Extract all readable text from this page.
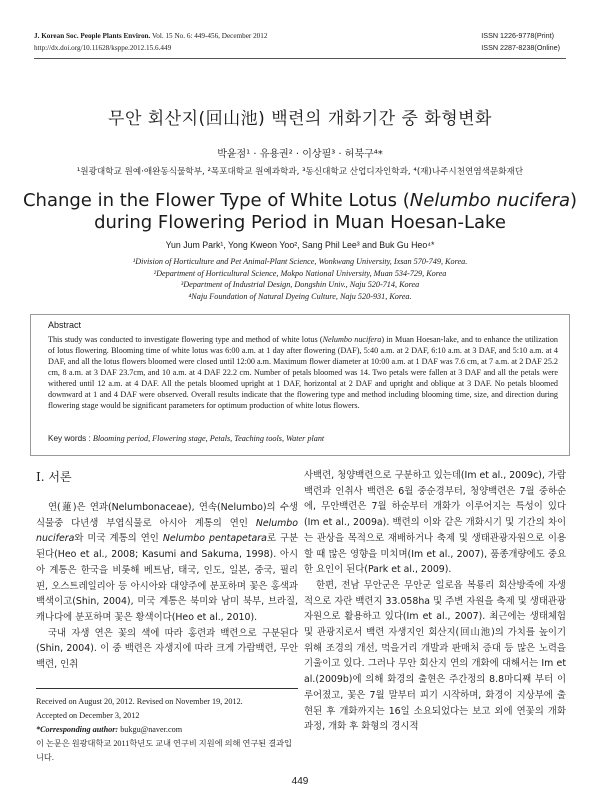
J. Korean Soc. People Plants Environ. Vol. 15 No. 6: 449-456, December 2012
http://dx.doi.org/10.11628/ksppe.2012.15.6.449
ISSN 1226-9778(Print)
ISSN 2287-8238(Online)
무안 회산지(回山池) 백련의 개화기간 중 화형변화
박윤점¹ · 유용권² · 이상필³ · 허북구⁴*
¹원광대학교 원예·애완동식물학부, ²목포대학교 원예과학과, ³동신대학교 산업디자인학과, ⁴(재)나주시천연염색문화재단
Change in the Flower Type of White Lotus (Nelumbo nucifera)
during Flowering Period in Muan Hoesan-Lake
Yun Jum Park¹, Yong Kweon Yoo², Sang Phil Lee³ and Buk Gu Heo⁴*
¹Division of Horticulture and Pet Animal-Plant Science, Wonkwang University, Ixsan 570-749, Korea.
²Department of Horticultural Science, Mokpo National University, Muan 534-729, Korea
³Department of Industrial Design, Dongshin Univ., Naju 520-714, Korea
⁴Naju Foundation of Natural Dyeing Culture, Naju 520-931, Korea.
Abstract
This study was conducted to investigate flowering type and method of white lotus (Nelumbo nucifera) in Muan Hoesan-lake, and to enhance the utilization of lotus flowering. Blooming time of white lotus was 6:00 a.m. at 1 day after flowering (DAF), 5:40 a.m. at 2 DAF, 6:10 a.m. at 3 DAF, and 5:10 a.m. at 4 DAF, and all the lotus flowers bloomed were closed until 12:00 a.m. Maximum flower diameter at 10:00 a.m. at 1 DAF was 7.6 cm, at 7 a.m. at 2 DAF 25.2 cm, 8 a.m. at 3 DAF 23.7cm, and 10 a.m. at 4 DAF 22.2 cm. Number of petals bloomed was 14. Two petals were fallen at 3 DAF and all the petals were withered until 12 a.m. at 4 DAF. All the petals bloomed upright at 1 DAF, horizontal at 2 DAF and upright and oblique at 3 DAF. No petals bloomed downward at 1 and 4 DAF were observed. Overall results indicate that the flowering type and method including blooming time, size, and direction during flowering stage would be significant parameters for optimum production of white lotus flowers.
Key words : Blooming period, Flowering stage, Petals, Teaching tools, Water plant
Ⅰ. 서론

연(蓮)은 연과(Nelumbonaceae), 연속(Nelumbo)의 수생식물중 다년생 부엽식물로 아시아 계통의 연인 Nelumbo nucifera와 미국 계통의 연인 Nelumbo pentapetara로 구분된다(Heo et al., 2008; Kasumi and Sakuma, 1998). 아시아 계통은 한국을 비롯해 베트남, 태국, 인도, 일본, 중국, 필리핀, 오스트레일리아 등 아시아와 대양주에 분포하며 꽃은 홍색과 백색이고(Shin, 2004), 미국 계통은 북미와 남미 북부, 브라질, 캐나다에 분포하며 꽃은 황색이다(Heo et al., 2010).

국내 자생 연은 꽃의 색에 따라 홍련과 백련으로 구분된다(Shin, 2004). 이 중 백련은 자생지에 따라 크게 가람백련, 무안백련, 인취

사백련, 청양백련으로 구분하고 있는데(Im et al., 2009c), 가람백련과 인취사 백련은 6월 중순경부터, 청양백련은 7월 중하순에, 무안백련은 7월 하순부터 개화가 이루어지는 특성이 있다(Im et al., 2009a). 백련의 이와 같은 개화시기 및 기간의 차이는 관상을 목적으로 재배하거나 축제 및 생태관광자원으로 이용할 때 많은 영향을 미치며(Im et al., 2007), 품종개량에도 중요한 요인이 된다(Park et al., 2009).

한편, 전남 무안군은 무안군 일로읍 복룡리 회산방죽에 자생적으로 자란 백련지 33.058ha 및 주변 자원을 축제 및 생태관광 자원으로 활용하고 있다(Im et al., 2007). 최근에는 생태체험 및 관광지로서 백련 자생지인 회산지(回山池)의 가치를 높이기 위해 조경의 개선, 먹을거리 개발과 판매처 증대 등 많은 노력을 기울이고 있다. 그러나 무안 회산지 연의 개화에 대해서는 Im et al.(2009b)에 의해 화경의 출현은 주간정의 8.8마디째 부터 이루어졌고, 꽃은 7월 말부터 피기 시작하며, 화경이 지상부에 출현된 후 개화까지는 16일 소요되었다는 보고 외에 연꽃의 개화 과정, 개화 후 화형의 경시적

Received on August 20, 2012. Revised on November 19, 2012.
Accepted on December 3, 2012
*Corresponding author: bukgu@naver.com
이 논문은 원광대학교 2011학년도 교내 연구비 지원에 의해 연구된 결과입니다.
449
